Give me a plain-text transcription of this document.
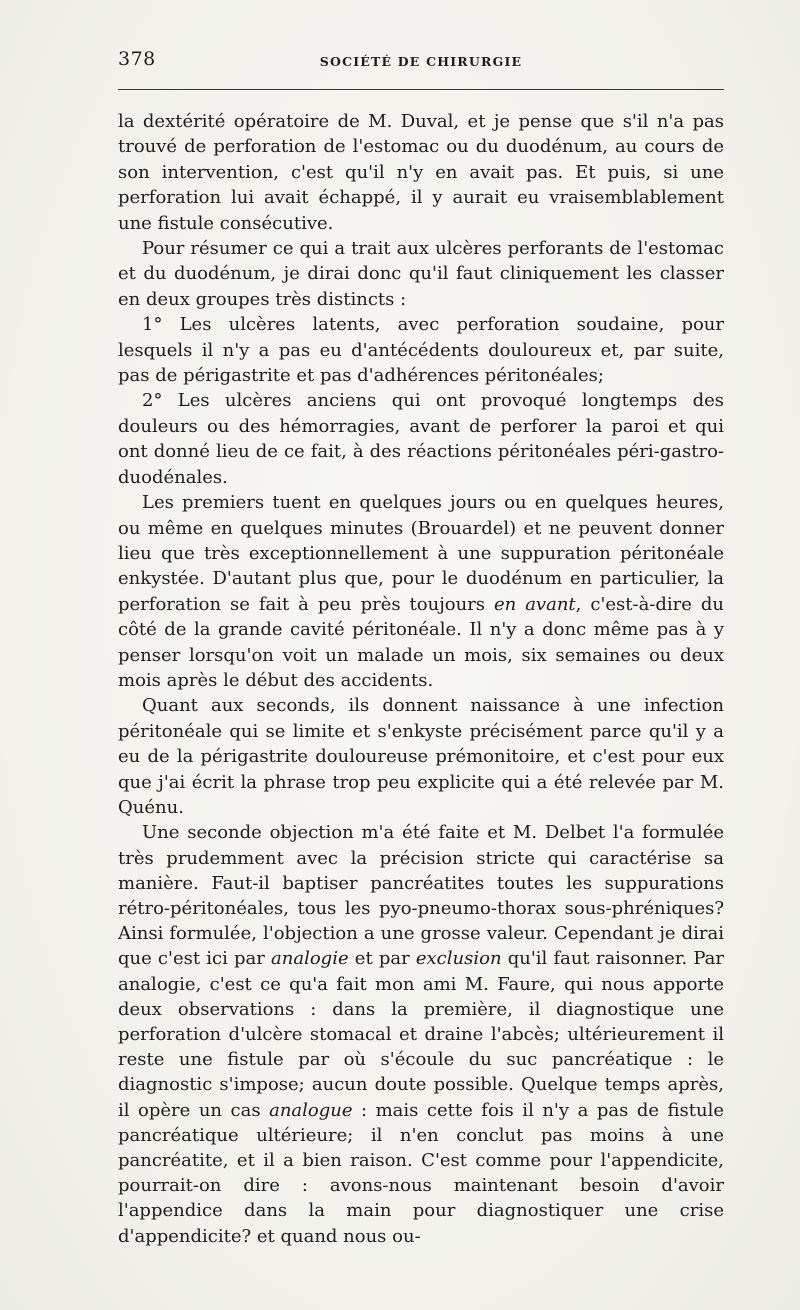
378	SOCIÉTÉ DE CHIRURGIE

la dextérité opératoire de M. Duval, et je pense que s'il n'a pas trouvé de perforation de l'estomac ou du duodénum, au cours de son intervention, c'est qu'il n'y en avait pas. Et puis, si une perforation lui avait échappé, il y aurait eu vraisemblablement une fistule consécutive.

Pour résumer ce qui a trait aux ulcères perforants de l'estomac et du duodénum, je dirai donc qu'il faut cliniquement les classer en deux groupes très distincts :

1° Les ulcères latents, avec perforation soudaine, pour lesquels il n'y a pas eu d'antécédents douloureux et, par suite, pas de périgastrite et pas d'adhérences péritonéales;

2° Les ulcères anciens qui ont provoqué longtemps des douleurs ou des hémorragies, avant de perforer la paroi et qui ont donné lieu de ce fait, à des réactions péritonéales péri-gastro-duodénales.

Les premiers tuent en quelques jours ou en quelques heures, ou même en quelques minutes (Brouardel) et ne peuvent donner lieu que très exceptionnellement à une suppuration péritonéale enkystée. D'autant plus que, pour le duodénum en particulier, la perforation se fait à peu près toujours en avant, c'est-à-dire du côté de la grande cavité péritonéale. Il n'y a donc même pas à y penser lorsqu'on voit un malade un mois, six semaines ou deux mois après le début des accidents.

Quant aux seconds, ils donnent naissance à une infection péritonéale qui se limite et s'enkyste précisément parce qu'il y a eu de la périgastrite douloureuse prémonitoire, et c'est pour eux que j'ai écrit la phrase trop peu explicite qui a été relevée par M. Quénu.

Une seconde objection m'a été faite et M. Delbet l'a formulée très prudemment avec la précision stricte qui caractérise sa manière. Faut-il baptiser pancréatites toutes les suppurations rétro-péritonéales, tous les pyo-pneumo-thorax sous-phréniques? Ainsi formulée, l'objection a une grosse valeur. Cependant je dirai que c'est ici par analogie et par exclusion qu'il faut raisonner. Par analogie, c'est ce qu'a fait mon ami M. Faure, qui nous apporte deux observations : dans la première, il diagnostique une perforation d'ulcère stomacal et draine l'abcès; ultérieurement il reste une fistule par où s'écoule du suc pancréatique : le diagnostic s'impose; aucun doute possible. Quelque temps après, il opère un cas analogue : mais cette fois il n'y a pas de fistule pancréatique ultérieure; il n'en conclut pas moins à une pancréatite, et il a bien raison. C'est comme pour l'appendicite, pourrait-on dire : avons-nous maintenant besoin d'avoir l'appendice dans la main pour diagnostiquer une crise d'appendicite? et quand nous ou-
